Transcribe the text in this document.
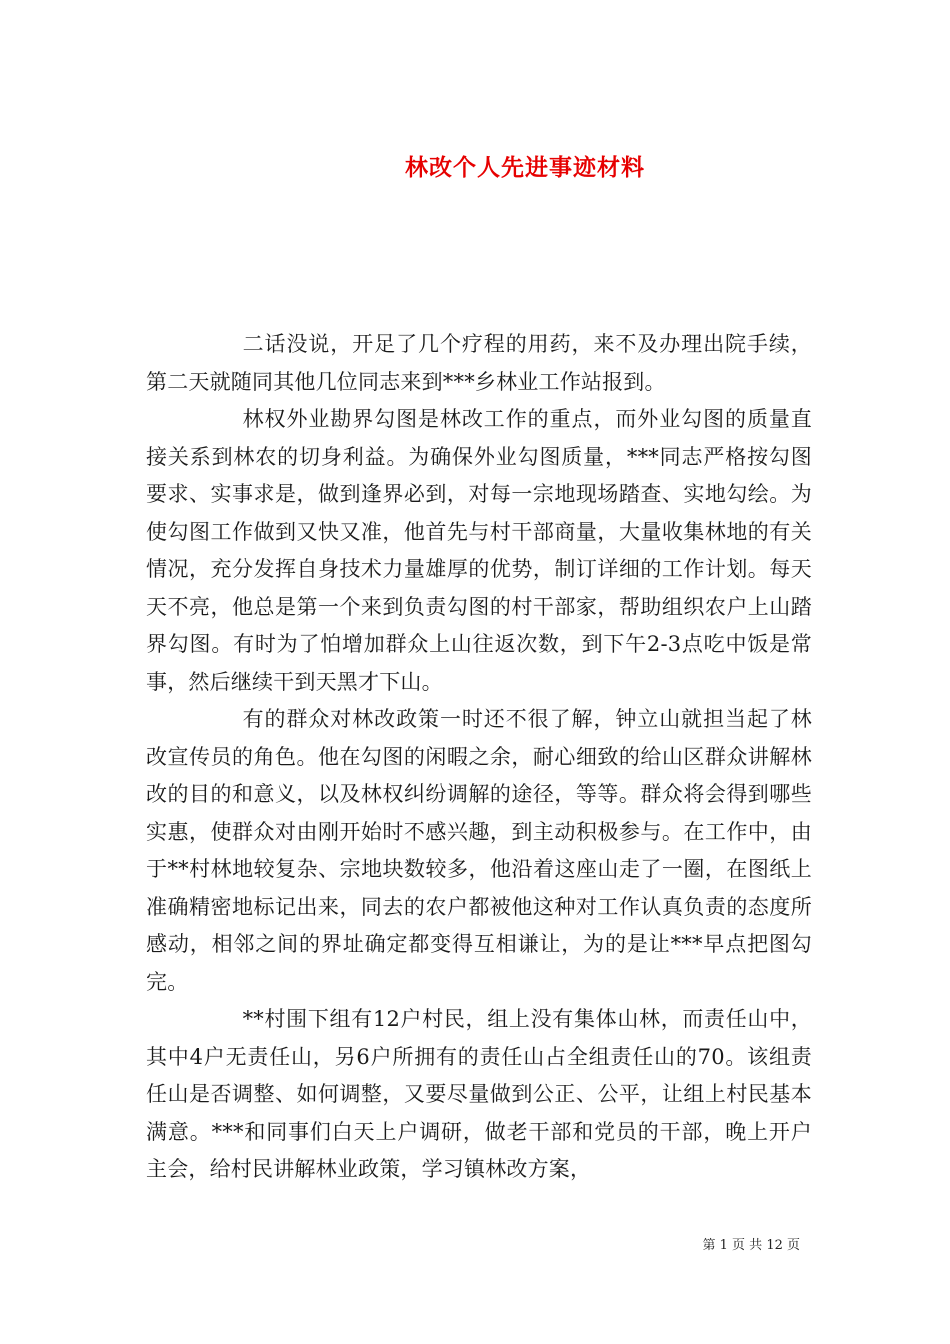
林改个人先进事迹材料

二话没说，开足了几个疗程的用药，来不及办理出院手续，第二天就随同其他几位同志来到***乡林业工作站报到。

林权外业勘界勾图是林改工作的重点，而外业勾图的质量直接关系到林农的切身利益。为确保外业勾图质量，***同志严格按勾图要求、实事求是，做到逢界必到，对每一宗地现场踏查、实地勾绘。为使勾图工作做到又快又准，他首先与村干部商量，大量收集林地的有关情况，充分发挥自身技术力量雄厚的优势，制订详细的工作计划。每天天不亮，他总是第一个来到负责勾图的村干部家，帮助组织农户上山踏界勾图。有时为了怕增加群众上山往返次数，到下午2-3点吃中饭是常事，然后继续干到天黑才下山。

有的群众对林改政策一时还不很了解，钟立山就担当起了林改宣传员的角色。他在勾图的闲暇之余，耐心细致的给山区群众讲解林改的目的和意义，以及林权纠纷调解的途径，等等。群众将会得到哪些实惠，使群众对由刚开始时不感兴趣，到主动积极参与。在工作中，由于**村林地较复杂、宗地块数较多，他沿着这座山走了一圈，在图纸上准确精密地标记出来，同去的农户都被他这种对工作认真负责的态度所感动，相邻之间的界址确定都变得互相谦让，为的是让***早点把图勾完。

**村围下组有12户村民，组上没有集体山林，而责任山中，其中4户无责任山，另6户所拥有的责任山占全组责任山的70。该组责任山是否调整、如何调整，又要尽量做到公正、公平，让组上村民基本满意。***和同事们白天上户调研，做老干部和党员的干部，晚上开户主会，给村民讲解林业政策，学习镇林改方案，

第 1 页 共 12 页
